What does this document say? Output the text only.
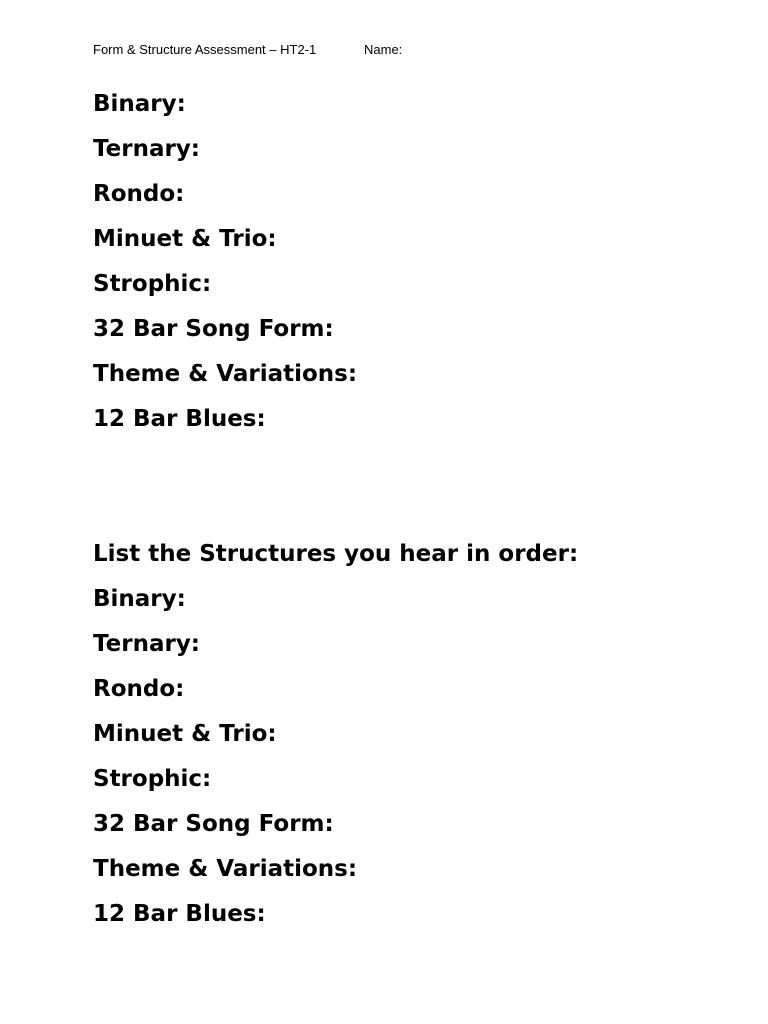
Form & Structure Assessment – HT2-1	Name:
Binary:
Ternary:
Rondo:
Minuet & Trio:
Strophic:
32 Bar Song Form:
Theme & Variations:
12 Bar Blues:

List the Structures you hear in order:

Binary:
Ternary:
Rondo:
Minuet & Trio:
Strophic:
32 Bar Song Form:
Theme & Variations:
12 Bar Blues:
